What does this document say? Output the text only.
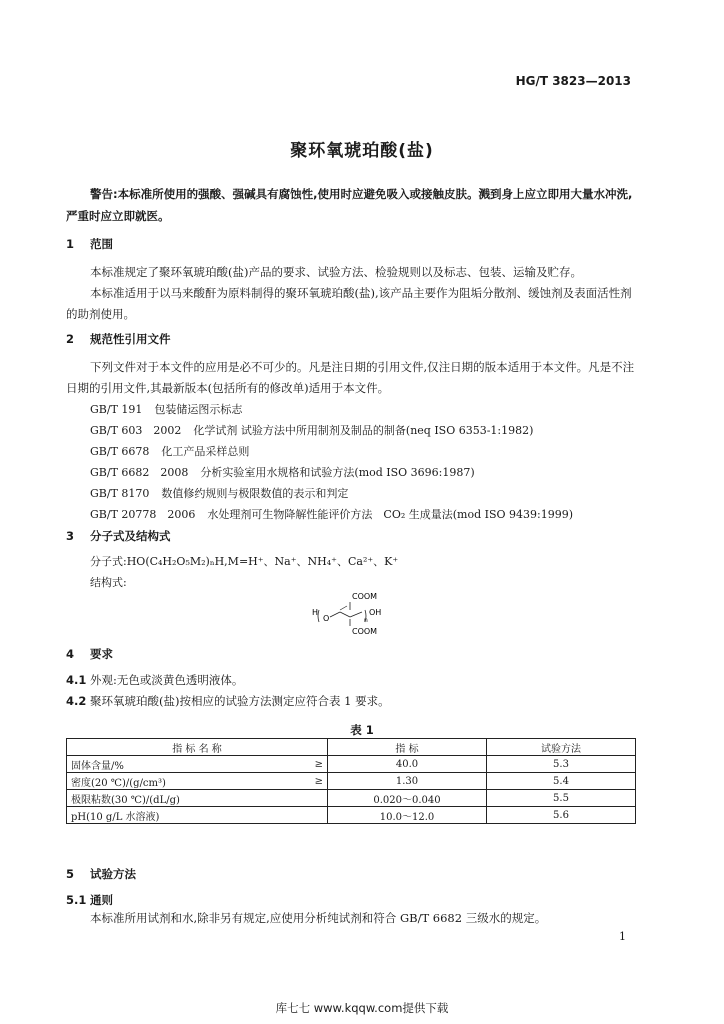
HG/T 3823—2013
聚环氧琥珀酸(盐)
警告:本标准所使用的强酸、强碱具有腐蚀性,使用时应避免吸入或接触皮肤。溅到身上应立即用大量水冲洗,严重时应立即就医。
1 范围
本标准规定了聚环氧琥珀酸(盐)产品的要求、试验方法、检验规则以及标志、包装、运输及贮存。
本标准适用于以马来酸酐为原料制得的聚环氧琥珀酸(盐),该产品主要作为阻垢分散剂、缓蚀剂及表面活性剂的助剂使用。
2 规范性引用文件
下列文件对于本文件的应用是必不可少的。凡是注日期的引用文件,仅注日期的版本适用于本文件。凡是不注日期的引用文件,其最新版本(包括所有的修改单)适用于本文件。
GB/T 191 包装储运图示标志
GB/T 603　2002 化学试剂 试验方法中所用制剂及制品的制备(neq ISO 6353-1:1982)
GB/T 6678 化工产品采样总则
GB/T 6682　2008 分析实验室用水规格和试验方法(mod ISO 3696:1987)
GB/T 8170 数值修约规则与极限数值的表示和判定
GB/T 20778　2006 水处理剂可生物降解性能评价方法　CO₂ 生成量法(mod ISO 9439:1999)
3 分子式及结构式
分子式:HO(C₄H₂O₅M₂)ₙH,M=H⁺、Na⁺、NH₄⁺、Ca²⁺、K⁺
结构式:
COOM
H
O
OH
n
COOM
4 要求
4.1 外观:无色或淡黄色透明液体。
4.2 聚环氧琥珀酸(盐)按相应的试验方法测定应符合表 1 要求。
表 1
指 标 名 称		指 标	试验方法
固体含量/%	≥	40.0	5.3
密度(20 ℃)/(g/cm³)	≥	1.30	5.4
极限粘数(30 ℃)/(dL/g)		0.020～0.040	5.5
pH(10 g/L 水溶液)		10.0～12.0	5.6
5 试验方法
5.1 通则
本标准所用试剂和水,除非另有规定,应使用分析纯试剂和符合 GB/T 6682 三级水的规定。
1
库七七 www.kqqw.com提供下载
